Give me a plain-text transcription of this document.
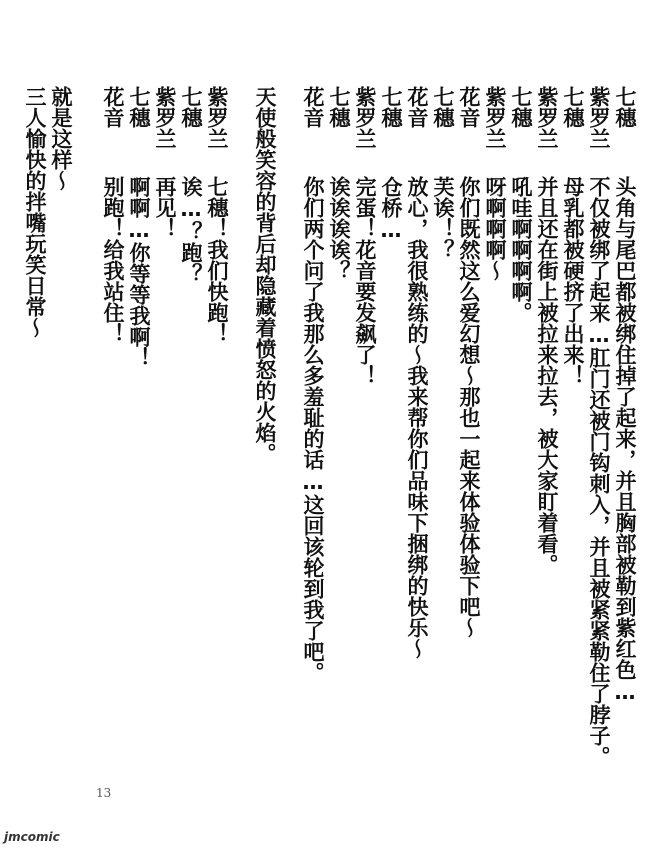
七穗
头角与尾巴都被绑住掉了起来，并且胸部被勒到紫红色…
紫罗兰
不仅被绑了起来…肛门还被门钩刺入，并且被紧紧勒住了脖子。
七穗
母乳都被硬挤了出来！
紫罗兰
并且还在街上被拉来拉去，被大家盯着看。
七穗
吼哇啊啊啊啊。
紫罗兰
呀啊啊啊～
花音
你们既然这么爱幻想～那也一起来体验体验下吧～
七穗
芙诶！？
花音
放心，我很熟练的～我来帮你们品味下捆绑的快乐～
七穗
仓桥…
紫罗兰
完蛋！花音要发飙了！
七穗
诶诶诶诶？
花音
你们两个问了我那么多羞耻的话…这回该轮到我了吧。
天使般笑容的背后却隐藏着愤怒的火焰。
紫罗兰
七穗！我们快跑！
七穗
诶…？跑？
紫罗兰
再见！
七穗
啊啊…你等等我啊！
花音
别跑！给我站住！
就是这样～
三人愉快的拌嘴玩笑日常～
13
jmcomic
